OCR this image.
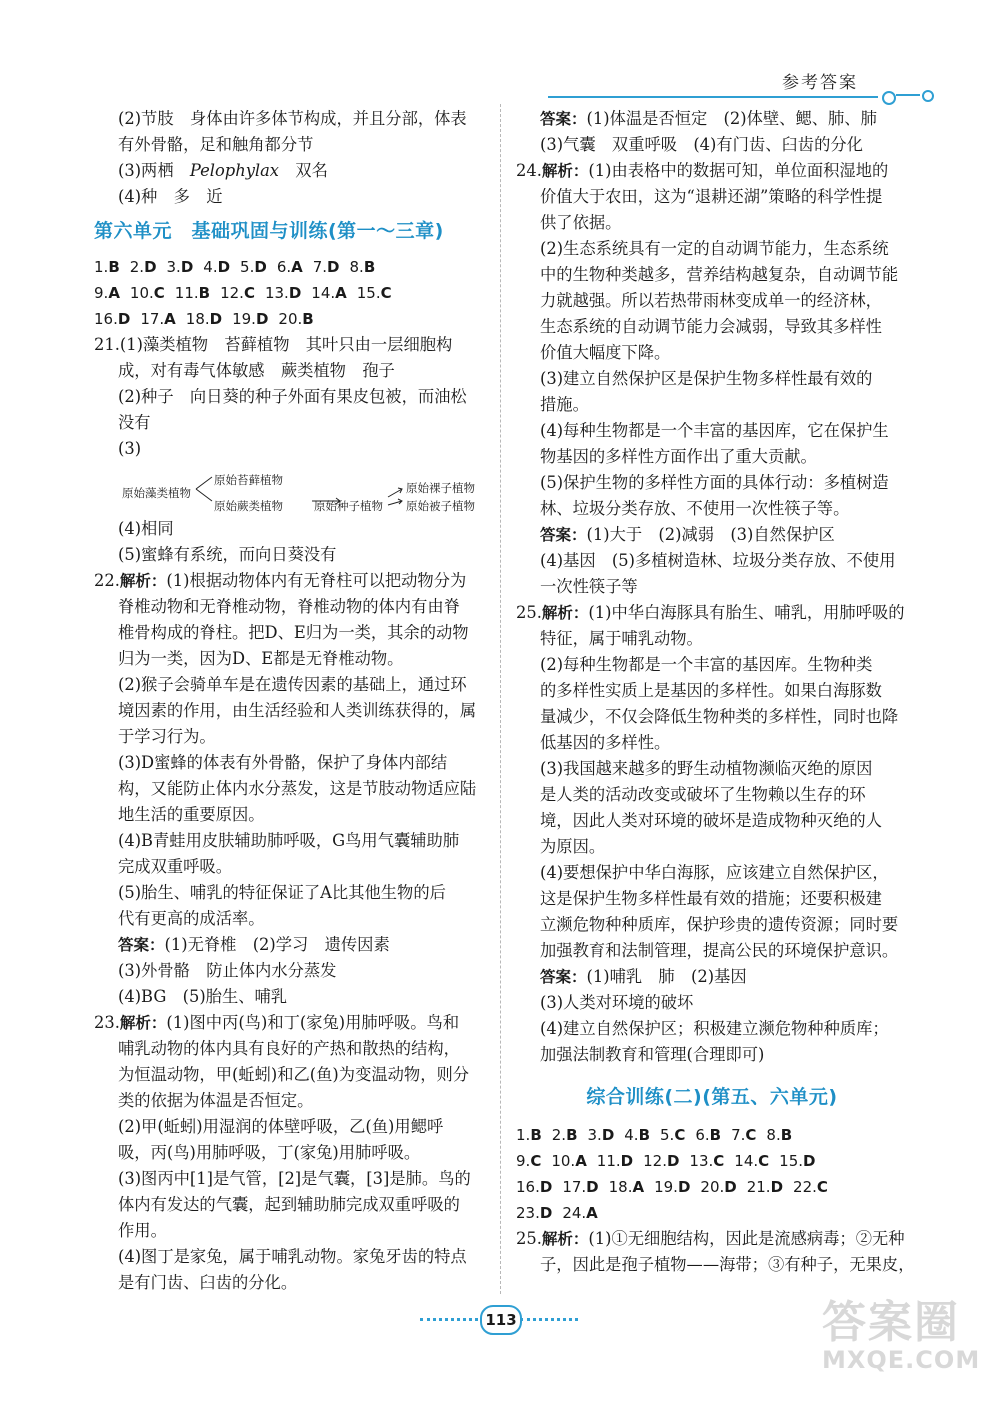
参考答案

(2)节肢　身体由许多体节构成，并且分部，体表

有外骨骼，足和触角都分节

(3)两栖　Pelophylax　双名

(4)种　多　近

第六单元　基础巩固与训练(第一～三章)
1.B 2.D 3.D 4.D 5.D 6.A 7.D 8.B
9.A 10.C 11.B 12.C 13.D 14.A 15.C
16.D 17.A 18.D 19.D 20.B

21.(1)藻类植物　苔藓植物　其叶只由一层细胞构

成，对有毒气体敏感　蕨类植物　孢子

(2)种子　向日葵的种子外面有果皮包被，而油松

没有

(3)

原始藻类植物
原始苔藓植物
原始蕨类植物	原始种子植物
原始裸子植物
原始被子植物

(4)相同

(5)蜜蜂有系统，而向日葵没有

22.解析：(1)根据动物体内有无脊柱可以把动物分为

脊椎动物和无脊椎动物，脊椎动物的体内有由脊

椎骨构成的脊柱。把D、E归为一类，其余的动物

归为一类，因为D、E都是无脊椎动物。

(2)猴子会骑单车是在遗传因素的基础上，通过环

境因素的作用，由生活经验和人类训练获得的，属

于学习行为。

(3)D蜜蜂的体表有外骨骼，保护了身体内部结

构，又能防止体内水分蒸发，这是节肢动物适应陆

地生活的重要原因。

(4)B青蛙用皮肤辅助肺呼吸，G鸟用气囊辅助肺

完成双重呼吸。

(5)胎生、哺乳的特征保证了A比其他生物的后

代有更高的成活率。

答案：(1)无脊椎　(2)学习　遗传因素

(3)外骨骼　防止体内水分蒸发

(4)BG　(5)胎生、哺乳

23.解析：(1)图中丙(鸟)和丁(家兔)用肺呼吸。鸟和

哺乳动物的体内具有良好的产热和散热的结构，

为恒温动物，甲(蚯蚓)和乙(鱼)为变温动物，则分

类的依据为体温是否恒定。

(2)甲(蚯蚓)用湿润的体壁呼吸，乙(鱼)用鳃呼

吸，丙(鸟)用肺呼吸，丁(家兔)用肺呼吸。

(3)图丙中[1]是气管，[2]是气囊，[3]是肺。鸟的

体内有发达的气囊，起到辅助肺完成双重呼吸的

作用。

(4)图丁是家兔，属于哺乳动物。家兔牙齿的特点

是有门齿、臼齿的分化。

答案：(1)体温是否恒定　(2)体壁、鳃、肺、肺

(3)气囊　双重呼吸　(4)有门齿、臼齿的分化

24.解析：(1)由表格中的数据可知，单位面积湿地的

价值大于农田，这为“退耕还湖”策略的科学性提

供了依据。

(2)生态系统具有一定的自动调节能力，生态系统

中的生物种类越多，营养结构越复杂，自动调节能

力就越强。所以若热带雨林变成单一的经济林，

生态系统的自动调节能力会减弱，导致其多样性

价值大幅度下降。

(3)建立自然保护区是保护生物多样性最有效的

措施。

(4)每种生物都是一个丰富的基因库，它在保护生

物基因的多样性方面作出了重大贡献。

(5)保护生物的多样性方面的具体行动：多植树造

林、垃圾分类存放、不使用一次性筷子等。

答案：(1)大于　(2)减弱　(3)自然保护区

(4)基因　(5)多植树造林、垃圾分类存放、不使用

一次性筷子等

25.解析：(1)中华白海豚具有胎生、哺乳，用肺呼吸的

特征，属于哺乳动物。

(2)每种生物都是一个丰富的基因库。生物种类

的多样性实质上是基因的多样性。如果白海豚数

量减少，不仅会降低生物种类的多样性，同时也降

低基因的多样性。

(3)我国越来越多的野生动植物濒临灭绝的原因

是人类的活动改变或破坏了生物赖以生存的环

境，因此人类对环境的破坏是造成物种灭绝的人

为原因。

(4)要想保护中华白海豚，应该建立自然保护区，

这是保护生物多样性最有效的措施；还要积极建

立濒危物种种质库，保护珍贵的遗传资源；同时要

加强教育和法制管理，提高公民的环境保护意识。

答案：(1)哺乳　肺　(2)基因

(3)人类对环境的破坏

(4)建立自然保护区；积极建立濒危物种种质库；

加强法制教育和管理(合理即可)

综合训练(二)(第五、六单元)
1.B 2.B 3.D 4.B 5.C 6.B 7.C 8.B
9.C 10.A 11.D 12.D 13.C 14.C 15.D
16.D 17.D 18.A 19.D 20.D 21.D 22.C
23.D 24.A

25.解析：(1)①无细胞结构，因此是流感病毒；②无种

子，因此是孢子植物——海带；③有种子，无果皮，

113	答案圈
MXQE.COM
